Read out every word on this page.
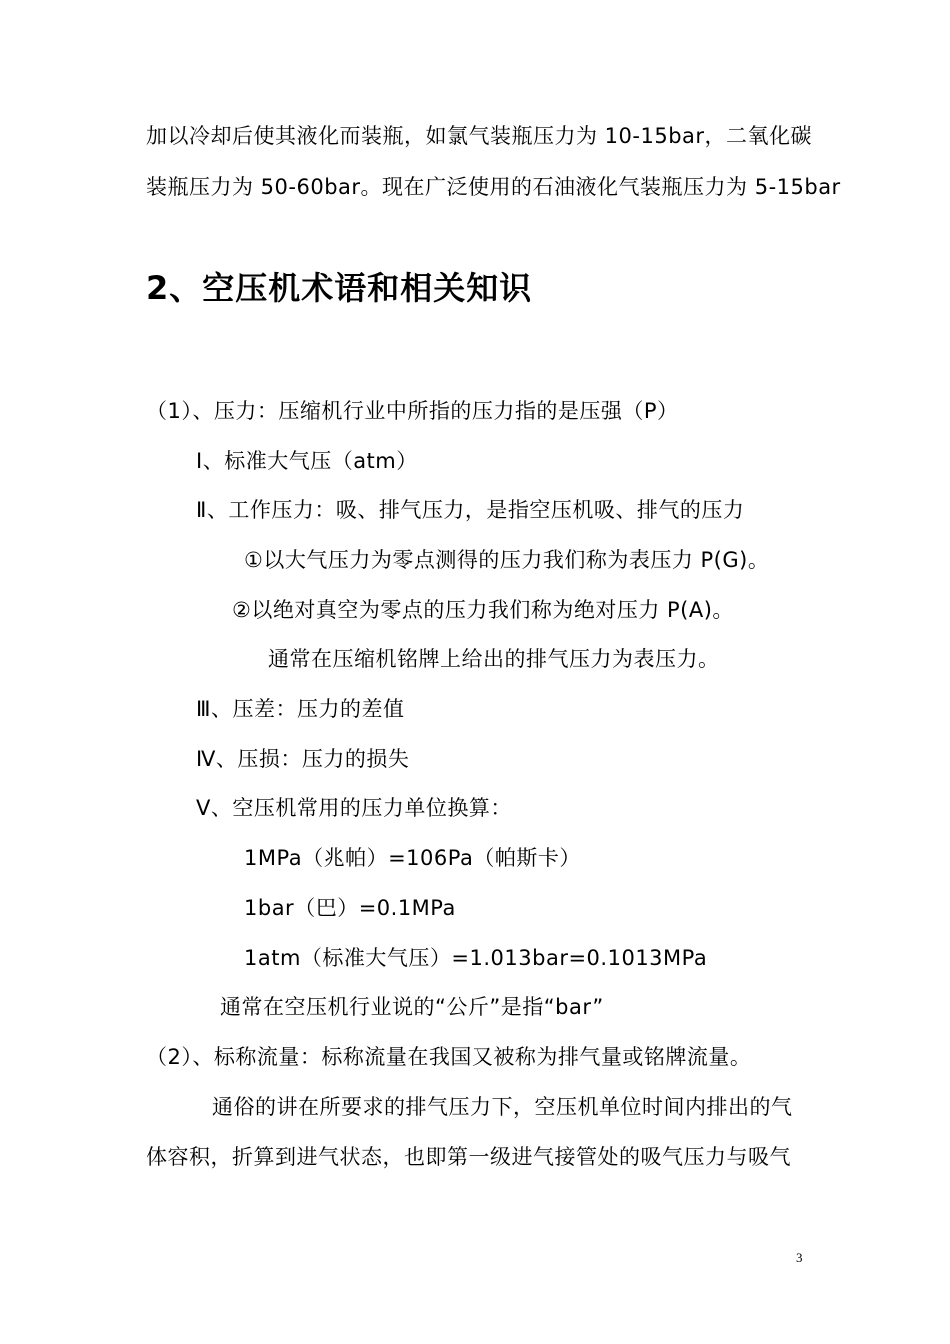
加以冷却后使其液化而装瓶，如氯气装瓶压力为 10-15bar，二氧化碳
装瓶压力为 50-60bar。现在广泛使用的石油液化气装瓶压力为 5-15bar
2、空压机术语和相关知识
（1）、压力：压缩机行业中所指的压力指的是压强（P）
Ⅰ、标准大气压（atm）
Ⅱ、工作压力：吸、排气压力，是指空压机吸、排气的压力
①以大气压力为零点测得的压力我们称为表压力 P(G)。
②以绝对真空为零点的压力我们称为绝对压力 P(A)。
通常在压缩机铭牌上给出的排气压力为表压力。
Ⅲ、压差：压力的差值
Ⅳ、压损：压力的损失
Ⅴ、空压机常用的压力单位换算：
1MPa（兆帕）=106Pa（帕斯卡）
1bar（巴）=0.1MPa
1atm（标准大气压）=1.013bar=0.1013MPa
通常在空压机行业说的“公斤”是指“bar”
（2）、标称流量：标称流量在我国又被称为排气量或铭牌流量。
通俗的讲在所要求的排气压力下，空压机单位时间内排出的气
体容积，折算到进气状态，也即第一级进气接管处的吸气压力与吸气
3
